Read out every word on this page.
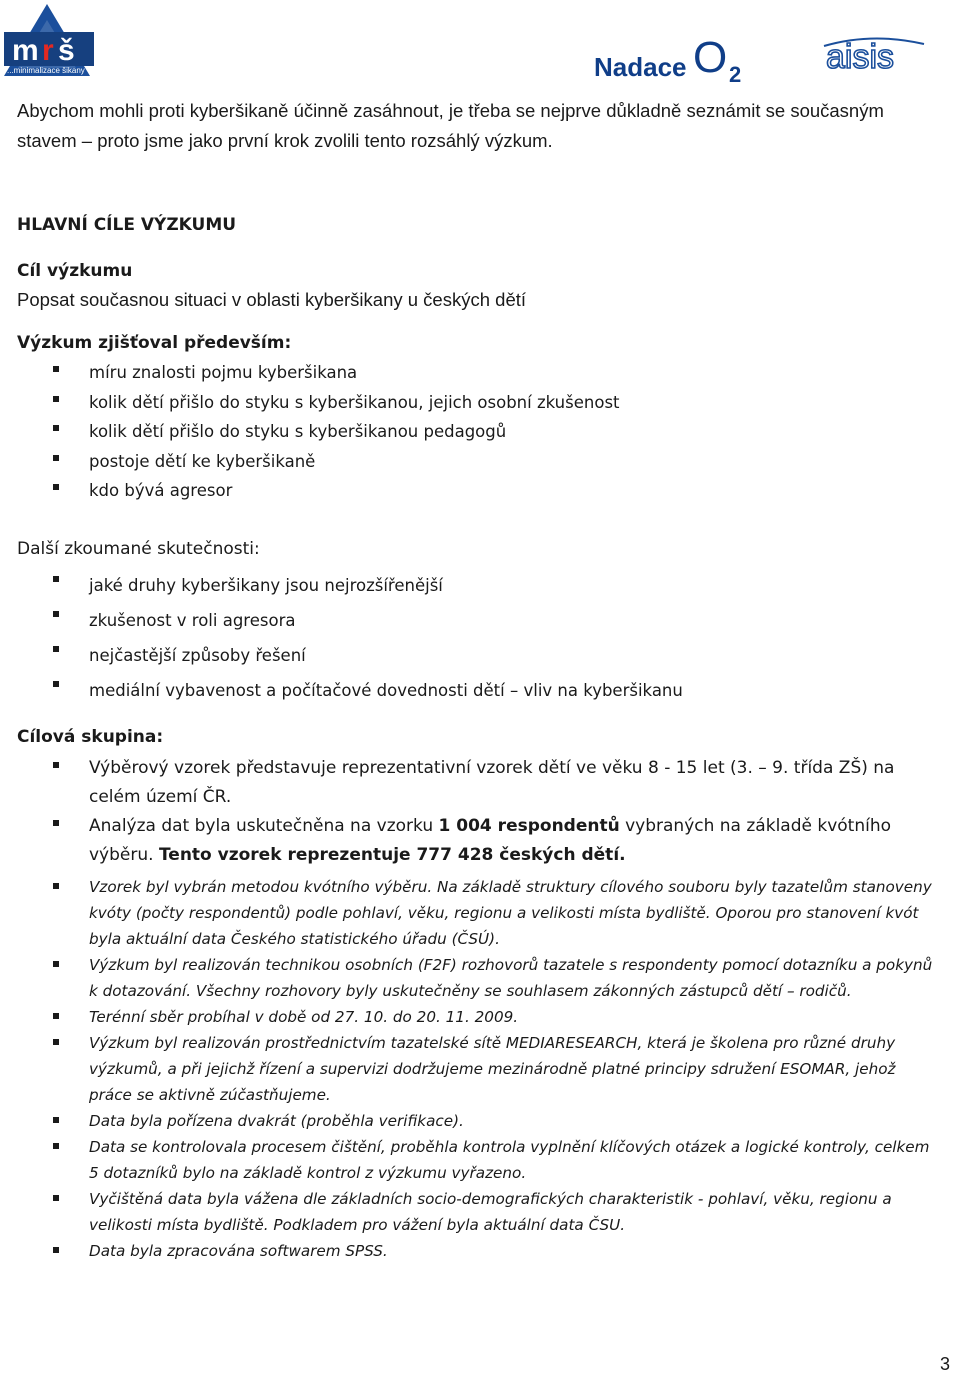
m r š
...minimalizace šikany	Nadace O 2	aisis

Abychom mohli proti kyberšikaně účinně zasáhnout, je třeba se nejprve důkladně seznámit se současným stavem – proto jsme jako první krok zvolili tento rozsáhlý výzkum.

HLAVNÍ CÍLE VÝZKUMU

Cíl výzkumu

Popsat současnou situaci v oblasti kyberšikany u českých dětí

Výzkum zjišťoval především:

míru znalosti pojmu kyberšikana
kolik dětí přišlo do styku s kyberšikanou, jejich osobní zkušenost
kolik dětí přišlo do styku s kyberšikanou pedagogů
postoje dětí ke kyberšikaně
kdo bývá agresor

Další zkoumané skutečnosti:

jaké druhy kyberšikany jsou nejrozšířenější
zkušenost v roli agresora
nejčastější způsoby řešení
mediální vybavenost a počítačové dovednosti dětí – vliv na kyberšikanu

Cílová skupina:

Výběrový vzorek představuje reprezentativní vzorek dětí ve věku 8 - 15 let (3. – 9. třída ZŠ) na celém území ČR.
Analýza dat byla uskutečněna na vzorku 1 004 respondentů vybraných na základě kvótního výběru. Tento vzorek reprezentuje 777 428 českých dětí.
Vzorek byl vybrán metodou kvótního výběru. Na základě struktury cílového souboru byly tazatelům stanoveny kvóty (počty respondentů) podle pohlaví, věku, regionu a velikosti místa bydliště. Oporou pro stanovení kvót byla aktuální data Českého statistického úřadu (ČSÚ).
Výzkum byl realizován technikou osobních (F2F) rozhovorů tazatele s respondenty pomocí dotazníku a pokynů k dotazování. Všechny rozhovory byly uskutečněny se souhlasem zákonných zástupců dětí – rodičů.
Terénní sběr probíhal v době od 27. 10. do 20. 11. 2009.
Výzkum byl realizován prostřednictvím tazatelské sítě MEDIARESEARCH, která je školena pro různé druhy výzkumů, a při jejichž řízení a supervizi dodržujeme mezinárodně platné principy sdružení ESOMAR, jehož práce se aktivně zúčastňujeme.
Data byla pořízena dvakrát (proběhla verifikace).
Data se kontrolovala procesem čištění, proběhla kontrola vyplnění klíčových otázek a logické kontroly, celkem 5 dotazníků bylo na základě kontrol z výzkumu vyřazeno.
Vyčištěná data byla vážena dle základních socio-demografických charakteristik - pohlaví, věku, regionu a velikosti místa bydliště. Podkladem pro vážení byla aktuální data ČSU.
Data byla zpracována softwarem SPSS.
3
